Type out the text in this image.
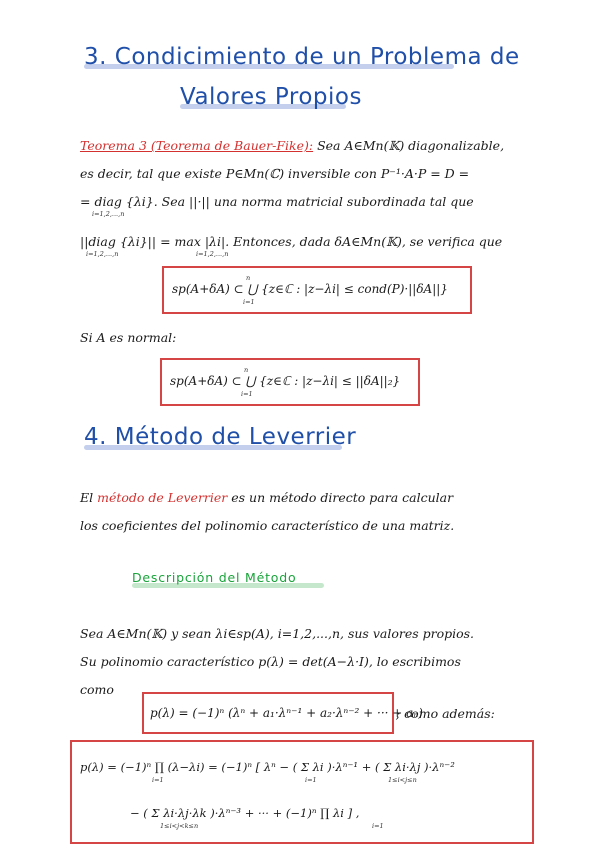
3. Condicimiento de un Problema de
Valores Propios
Teorema 3 (Teorema de Bauer-Fike): Sea A∈Mn(𝕂) diagonalizable,
es decir, tal que existe P∈Mn(ℂ) inversible con P⁻¹·A·P = D =
= diag {λi}. Sea ||·|| una norma matricial subordinada tal que
i=1,2,...,n
||diag {λi}|| = max |λi|. Entonces, dada δA∈Mn(𝕂), se verifica que
i=1,2,...,n	i=1,2,...,n
sp(A+δA) ⊂ ⋃ {z∈ℂ : |z−λi| ≤ cond(P)·||δA||}
n
i=1
Si A es normal:
sp(A+δA) ⊂ ⋃ {z∈ℂ : |z−λi| ≤ ||δA||₂}
n
i=1
4. Método de Leverrier
El método de Leverrier es un método directo para calcular
los coeficientes del polinomio característico de una matriz.
Descripción del Método
Sea A∈Mn(𝕂) y sean λi∈sp(A), i=1,2,...,n, sus valores propios.
Su polinomio característico p(λ) = det(A−λ·I), lo escribimos
como
p(λ) = (−1)ⁿ (λⁿ + a₁·λⁿ⁻¹ + a₂·λⁿ⁻² + ··· + aₙ)
; como además:
p(λ) = (−1)ⁿ ∏ (λ−λi) = (−1)ⁿ [ λⁿ − ( Σ λi )·λⁿ⁻¹ + ( Σ λi·λj )·λⁿ⁻²
i=1	i=1	1≤i<j≤n
− ( Σ λi·λj·λk )·λⁿ⁻³ + ··· + (−1)ⁿ ∏ λi ] ,
1≤i<j<k≤n	i=1
